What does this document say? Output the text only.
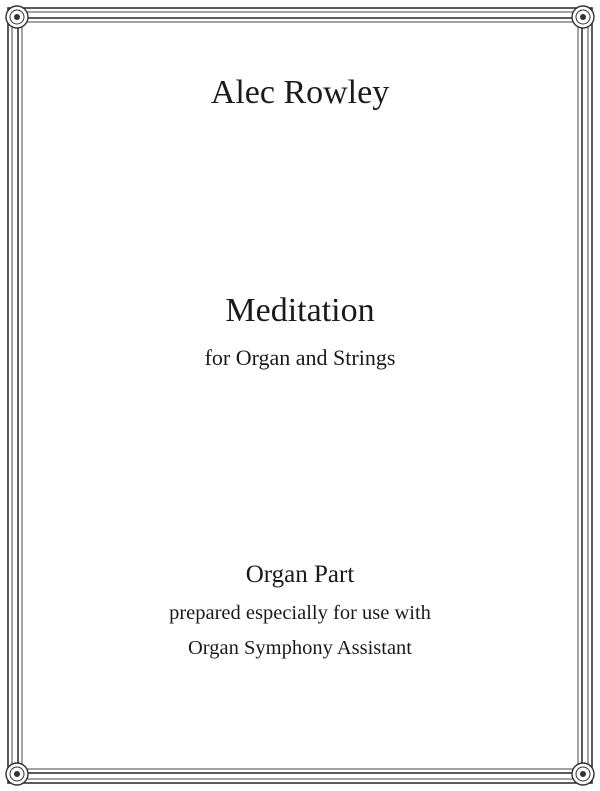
Alec Rowley
Meditation
for Organ and Strings
Organ Part
prepared especially for use with
Organ Symphony Assistant
